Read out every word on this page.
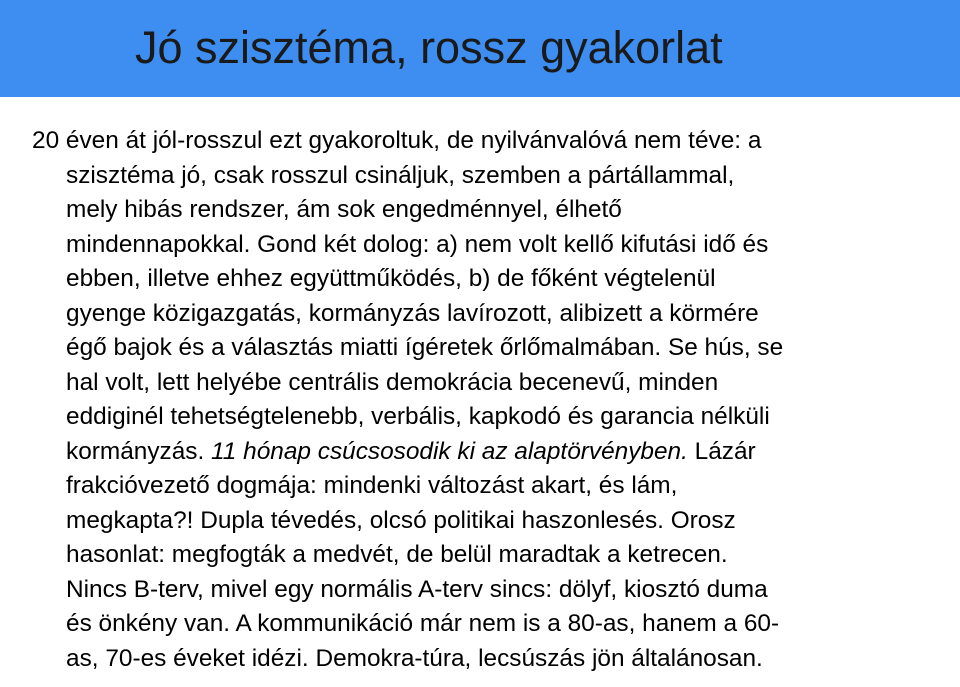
Jó szisztéma, rossz gyakorlat
20 éven át jól-rosszul ezt gyakoroltuk, de nyilvánvalóvá nem téve: a
szisztéma jó, csak rosszul csináljuk, szemben a pártállammal,
mely hibás rendszer, ám sok engedménnyel, élhető
mindennapokkal. Gond két dolog: a) nem volt kellő kifutási idő és
ebben, illetve ehhez együttműködés, b) de főként végtelenül
gyenge közigazgatás, kormányzás lavírozott, alibizett a körmére
égő bajok és a választás miatti ígéretek őrlőmalmában. Se hús, se
hal volt, lett helyébe centrális demokrácia becenevű, minden
eddiginél tehetségtelenebb, verbális, kapkodó és garancia nélküli
kormányzás. 11 hónap csúcsosodik ki az alaptörvényben. Lázár
frakcióvezető dogmája: mindenki változást akart, és lám,
megkapta?! Dupla tévedés, olcsó politikai haszonlesés. Orosz
hasonlat: megfogták a medvét, de belül maradtak a ketrecen.
Nincs B-terv, mivel egy normális A-terv sincs: dölyf, kiosztó duma
és önkény van. A kommunikáció már nem is a 80-as, hanem a 60-
as, 70-es éveket idézi. Demokra-túra, lecsúszás jön általánosan.
